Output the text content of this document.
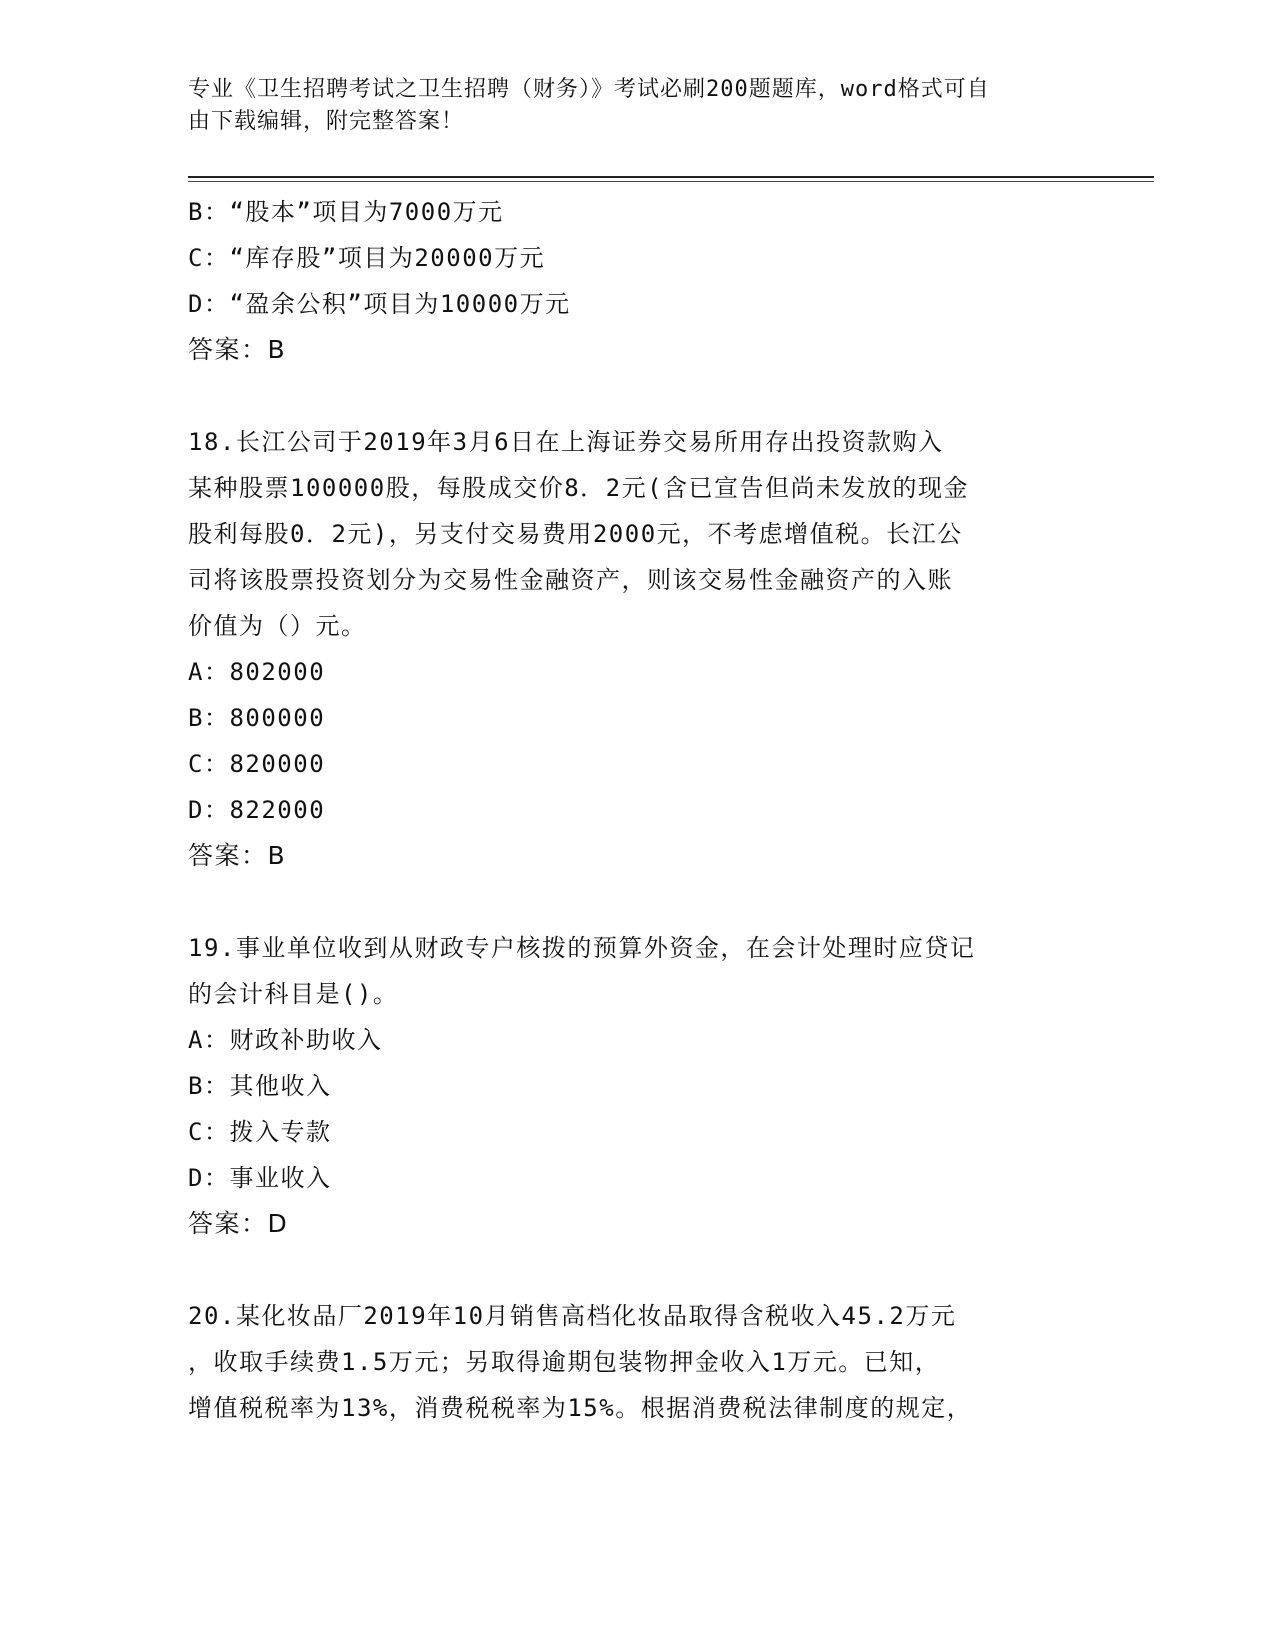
专业《卫生招聘考试之卫生招聘（财务）》考试必刷200题题库，word格式可自
由下载编辑，附完整答案！
B：“股本”项目为7000万元
C：“库存股”项目为20000万元
D：“盈余公积”项目为10000万元
答案：B
18.长江公司于2019年3月6日在上海证券交易所用存出投资款购入
某种股票100000股，每股成交价8．2元(含已宣告但尚未发放的现金
股利每股0．2元)，另支付交易费用2000元，不考虑增值税。长江公
司将该股票投资划分为交易性金融资产，则该交易性金融资产的入账
价值为（）元。
A：802000
B：800000
C：820000
D：822000
答案：B
19.事业单位收到从财政专户核拨的预算外资金，在会计处理时应贷记
的会计科目是()。
A：财政补助收入
B：其他收入
C：拨入专款
D：事业收入
答案：D
20.某化妆品厂2019年10月销售高档化妆品取得含税收入45.2万元
，收取手续费1.5万元；另取得逾期包装物押金收入1万元。已知，
增值税税率为13%，消费税税率为15%。根据消费税法律制度的规定，
